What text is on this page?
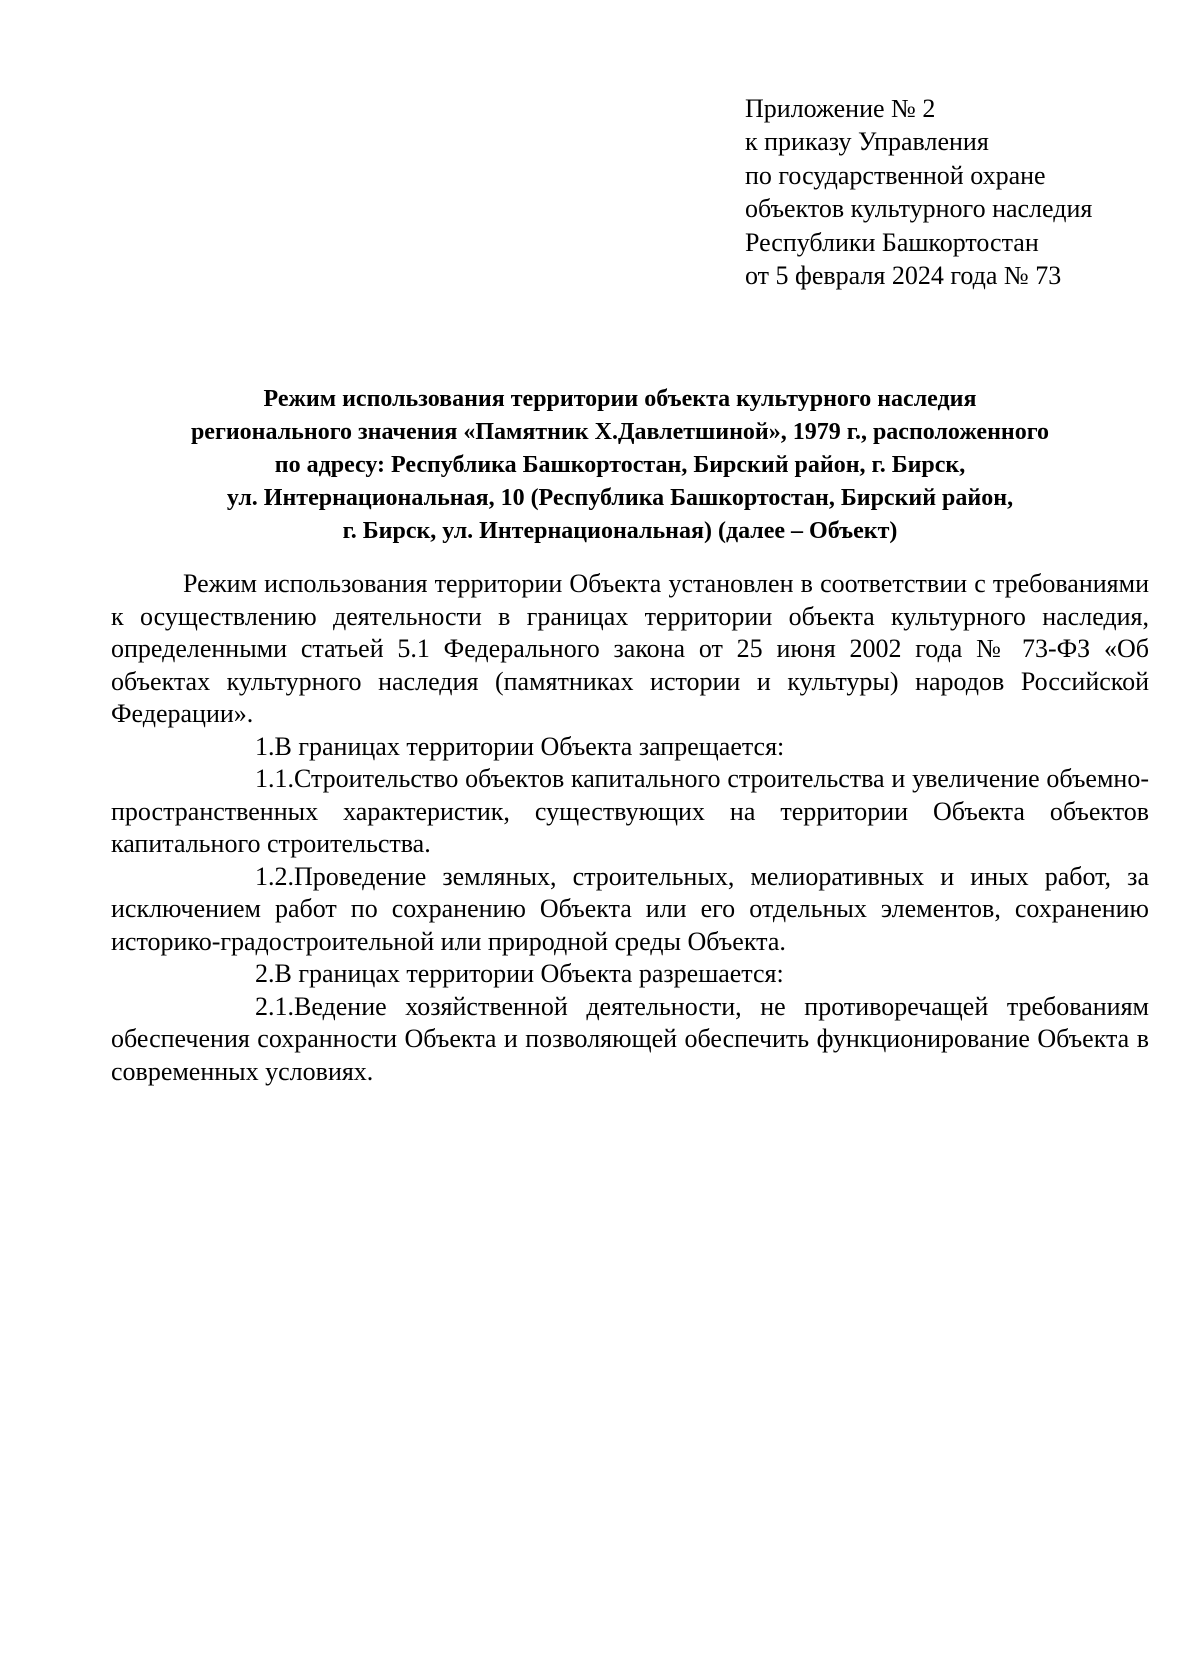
Приложение № 2
к приказу Управления
по государственной охране
объектов культурного наследия
Республики Башкортостан
от 5 февраля 2024 года № 73
Режим использования территории объекта культурного наследия
регионального значения «Памятник Х.Давлетшиной», 1979 г., расположенного
по адресу: Республика Башкортостан, Бирский район, г. Бирск,
ул. Интернациональная, 10 (Республика Башкортостан, Бирский район,
г. Бирск, ул. Интернациональная) (далее – Объект)

Режим использования территории Объекта установлен в соответствии с требованиями к осуществлению деятельности в границах территории объекта культурного наследия, определенными статьей 5.1 Федерального закона от 25 июня 2002 года № 73-ФЗ «Об объектах культурного наследия (памятниках истории и культуры) народов Российской Федерации».

1.В границах территории Объекта запрещается:

1.1.Строительство объектов капитального строительства и увеличение объемно-пространственных характеристик, существующих на территории Объекта объектов капитального строительства.

1.2.Проведение земляных, строительных, мелиоративных и иных работ, за исключением работ по сохранению Объекта или его отдельных элементов, сохранению историко-градостроительной или природной среды Объекта.

2.В границах территории Объекта разрешается:

2.1.Ведение хозяйственной деятельности, не противоречащей требованиям обеспечения сохранности Объекта и позволяющей обеспечить функционирование Объекта в современных условиях.
